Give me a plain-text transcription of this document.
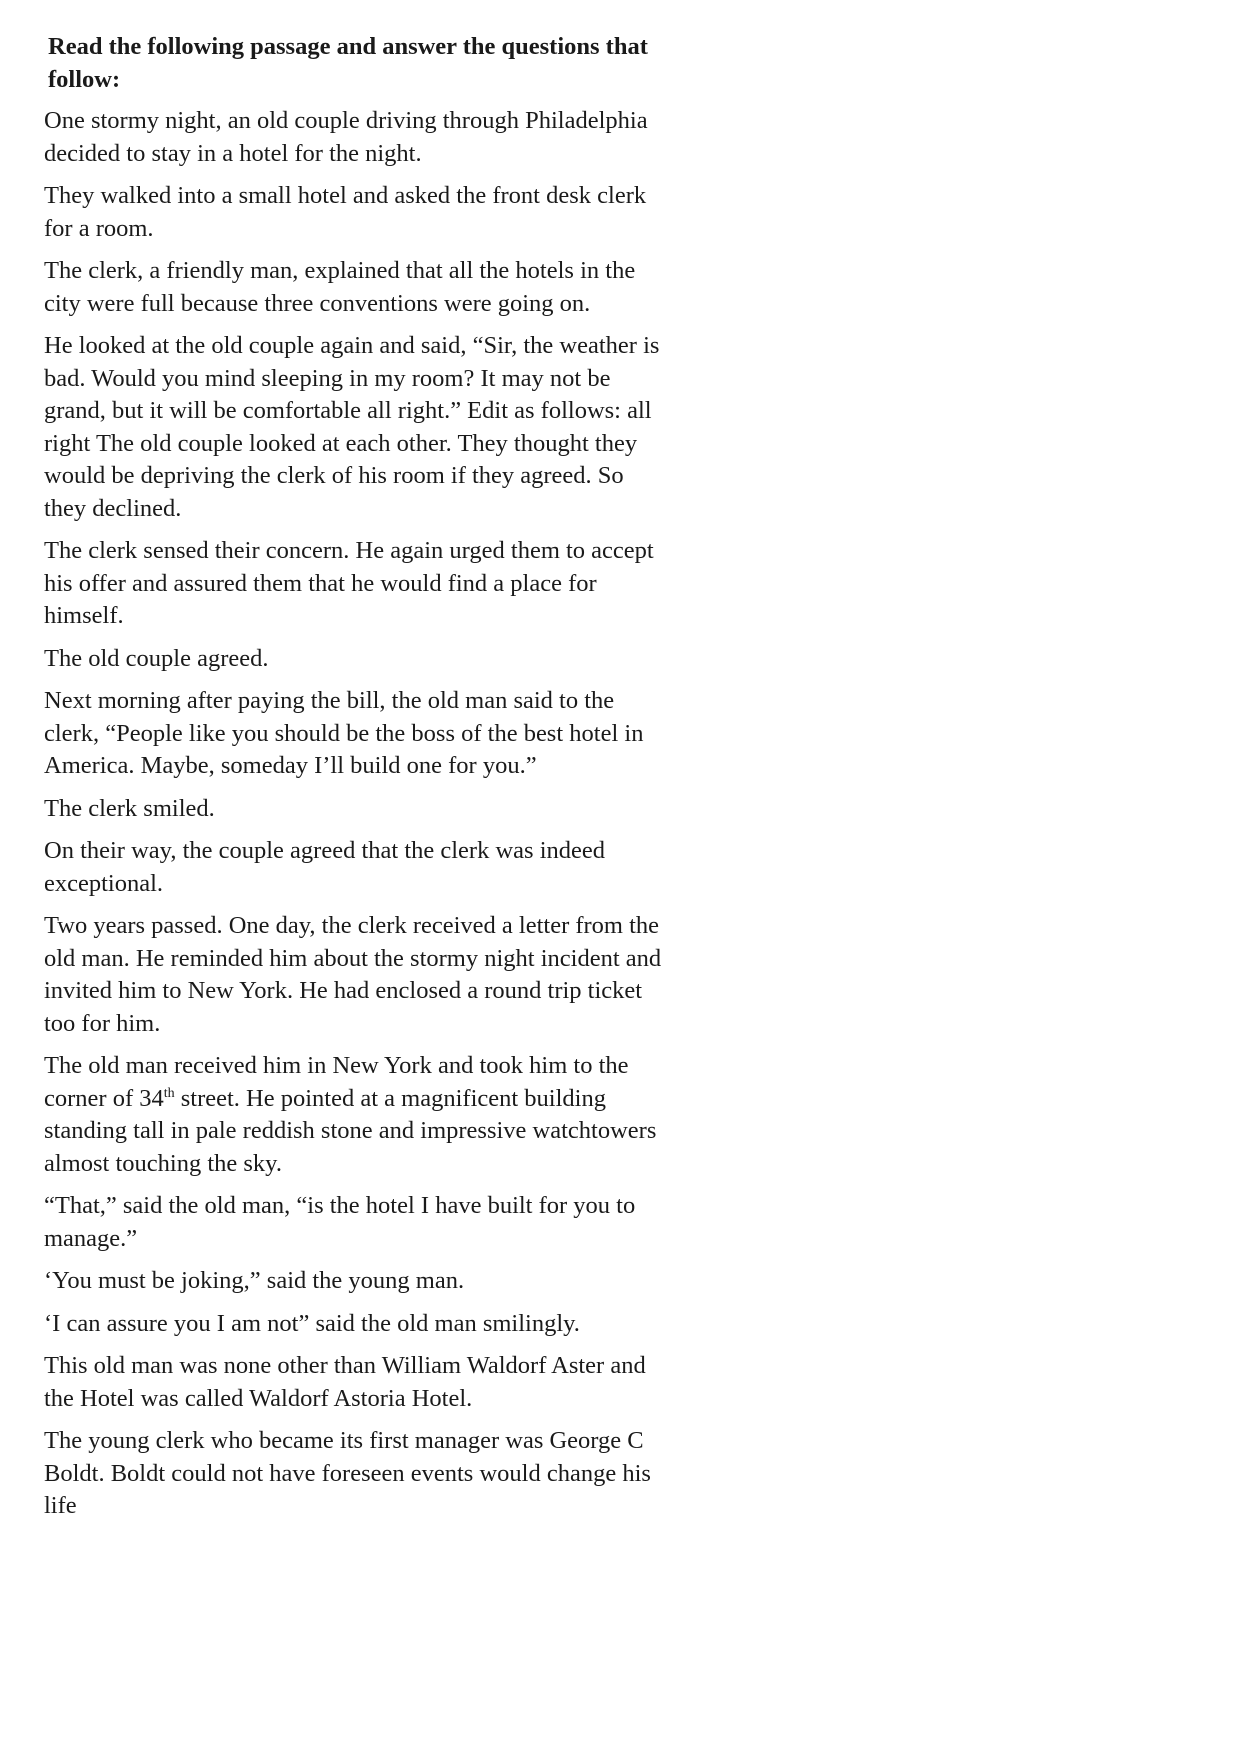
Read the following passage and answer the questions that follow:

One stormy night, an old couple driving through Philadelphia decided to stay in a hotel for the night.

They walked into a small hotel and asked the front desk clerk for a room.

The clerk, a friendly man, explained that all the hotels in the city were full because three conventions were going on.

He looked at the old couple again and said, “Sir, the weather is bad. Would you mind sleeping in my room? It may not be grand, but it will be comfortable all right.” Edit as follows: all right The old couple looked at each other. They thought they would be depriving the clerk of his room if they agreed. So they declined.

The clerk sensed their concern. He again urged them to accept his offer and assured them that he would find a place for himself.

The old couple agreed.

Next morning after paying the bill, the old man said to the clerk, “People like you should be the boss of the best hotel in America. Maybe, someday I’ll build one for you.”

The clerk smiled.

On their way, the couple agreed that the clerk was indeed exceptional.

Two years passed. One day, the clerk received a letter from the old man. He reminded him about the stormy night incident and invited him to New York. He had enclosed a round trip ticket too for him.

The old man received him in New York and took him to the corner of 34th street. He pointed at a magnificent building standing tall in pale reddish stone and impressive watchtowers almost touching the sky.

“That,” said the old man, “is the hotel I have built for you to manage.”

‘You must be joking,” said the young man.

‘I can assure you I am not” said the old man smilingly.

This old man was none other than William Waldorf Aster and the Hotel was called Waldorf Astoria Hotel.

The young clerk who became its first manager was George C Boldt. Boldt could not have foreseen events would change his life
